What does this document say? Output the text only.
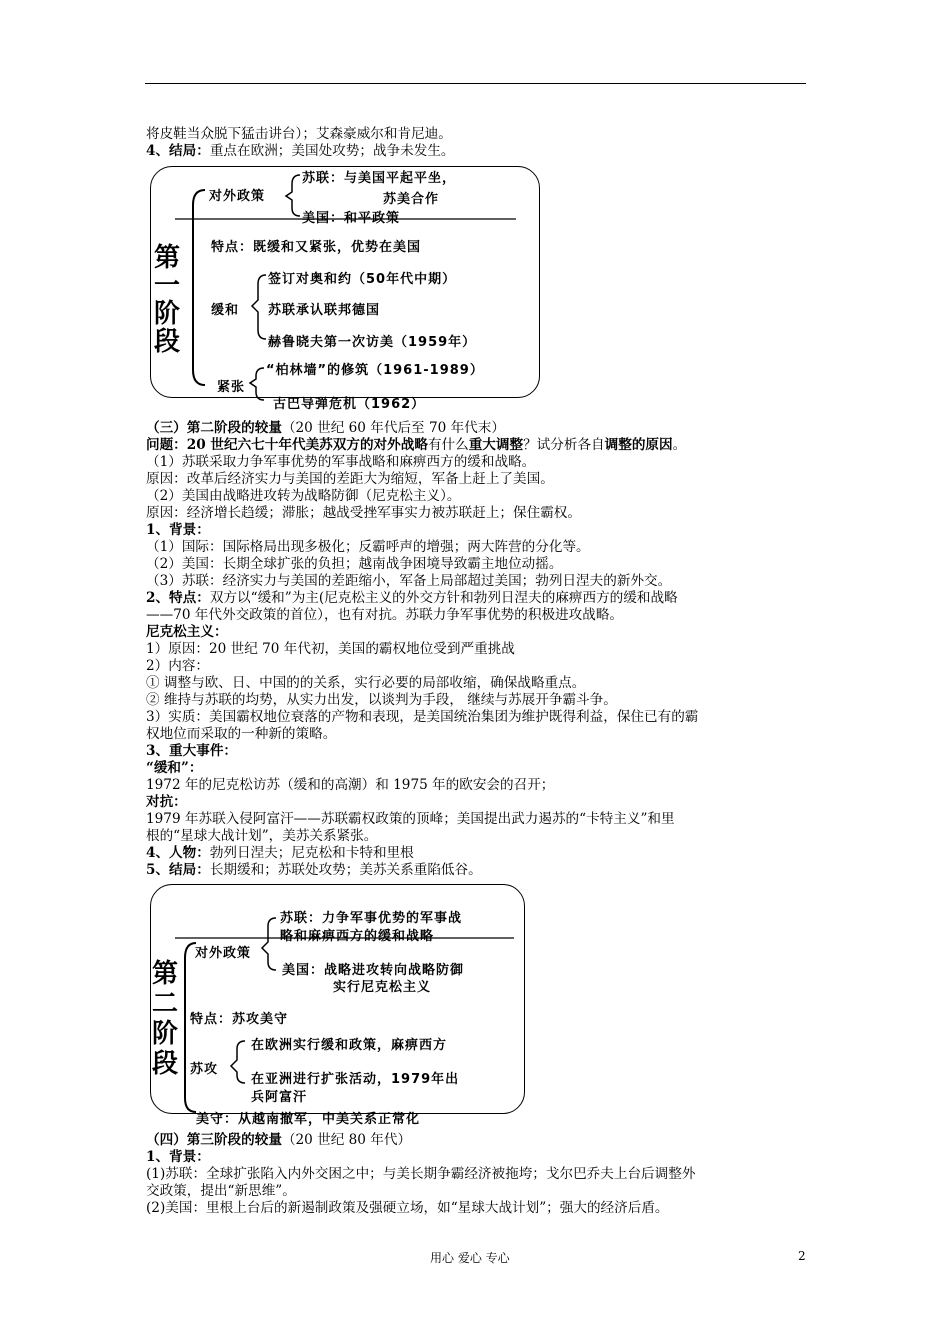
将皮鞋当众脱下猛击讲台）；艾森豪威尔和肯尼迪。
4、结局：重点在欧洲；美国处攻势；战争未发生。
第
一
阶
段
对外政策
苏联：与美国平起平坐，
苏美合作
美国：和平政策
特点：既缓和又紧张，优势在美国
缓和
签订对奥和约（50年代中期）
苏联承认联邦德国
赫鲁晓夫第一次访美（1959年）
紧张
“柏林墙”的修筑（1961-1989）
古巴导弹危机（1962）
（三）第二阶段的较量（20 世纪 60 年代后至 70 年代末）
问题：20 世纪六七十年代美苏双方的对外战略有什么重大调整？试分析各自调整的原因。
（1）苏联采取力争军事优势的军事战略和麻痹西方的缓和战略。
原因：改革后经济实力与美国的差距大为缩短，军备上赶上了美国。
（2）美国由战略进攻转为战略防御（尼克松主义）。
原因：经济增长趋缓；滞胀；越战受挫军事实力被苏联赶上；保住霸权。
1、背景：
（1）国际：国际格局出现多极化；反霸呼声的增强；两大阵营的分化等。
（2）美国：长期全球扩张的负担；越南战争困境导致霸主地位动摇。
（3）苏联：经济实力与美国的差距缩小，军备上局部超过美国；勃列日涅夫的新外交。
2、特点：双方以“缓和”为主(尼克松主义的外交方针和勃列日涅夫的麻痹西方的缓和战略
——70 年代外交政策的首位），也有对抗。苏联力争军事优势的积极进攻战略。
尼克松主义：
1）原因：20 世纪 70 年代初，美国的霸权地位受到严重挑战
2）内容：
① 调整与欧、日、中国的的关系，实行必要的局部收缩，确保战略重点。
② 维持与苏联的均势，从实力出发，以谈判为手段， 继续与苏展开争霸斗争。
3）实质：美国霸权地位衰落的产物和表现，是美国统治集团为维护既得利益，保住已有的霸
权地位而采取的一种新的策略。
3、重大事件：
“缓和”：
1972 年的尼克松访苏（缓和的高潮）和 1975 年的欧安会的召开；
对抗：
1979 年苏联入侵阿富汗——苏联霸权政策的顶峰；美国提出武力遏苏的“卡特主义”和里
根的“星球大战计划”，美苏关系紧张。
4、人物：勃列日涅夫；尼克松和卡特和里根
5、结局：长期缓和；苏联处攻势；美苏关系重陷低谷。
第
二
阶
段
对外政策
苏联：力争军事优势的军事战
略和麻痹西方的缓和战略
美国：战略进攻转向战略防御
实行尼克松主义
特点：苏攻美守
苏攻
在欧洲实行缓和政策，麻痹西方
在亚洲进行扩张活动，1979年出
兵阿富汗
美守：从越南撤军，中美关系正常化
（四）第三阶段的较量（20 世纪 80 年代）
1、背景：
(1)苏联：全球扩张陷入内外交困之中；与美长期争霸经济被拖垮；戈尔巴乔夫上台后调整外
交政策，提出“新思维”。
(2)美国：里根上台后的新遏制政策及强硬立场，如“星球大战计划”；强大的经济后盾。
用心 爱心 专心	2
